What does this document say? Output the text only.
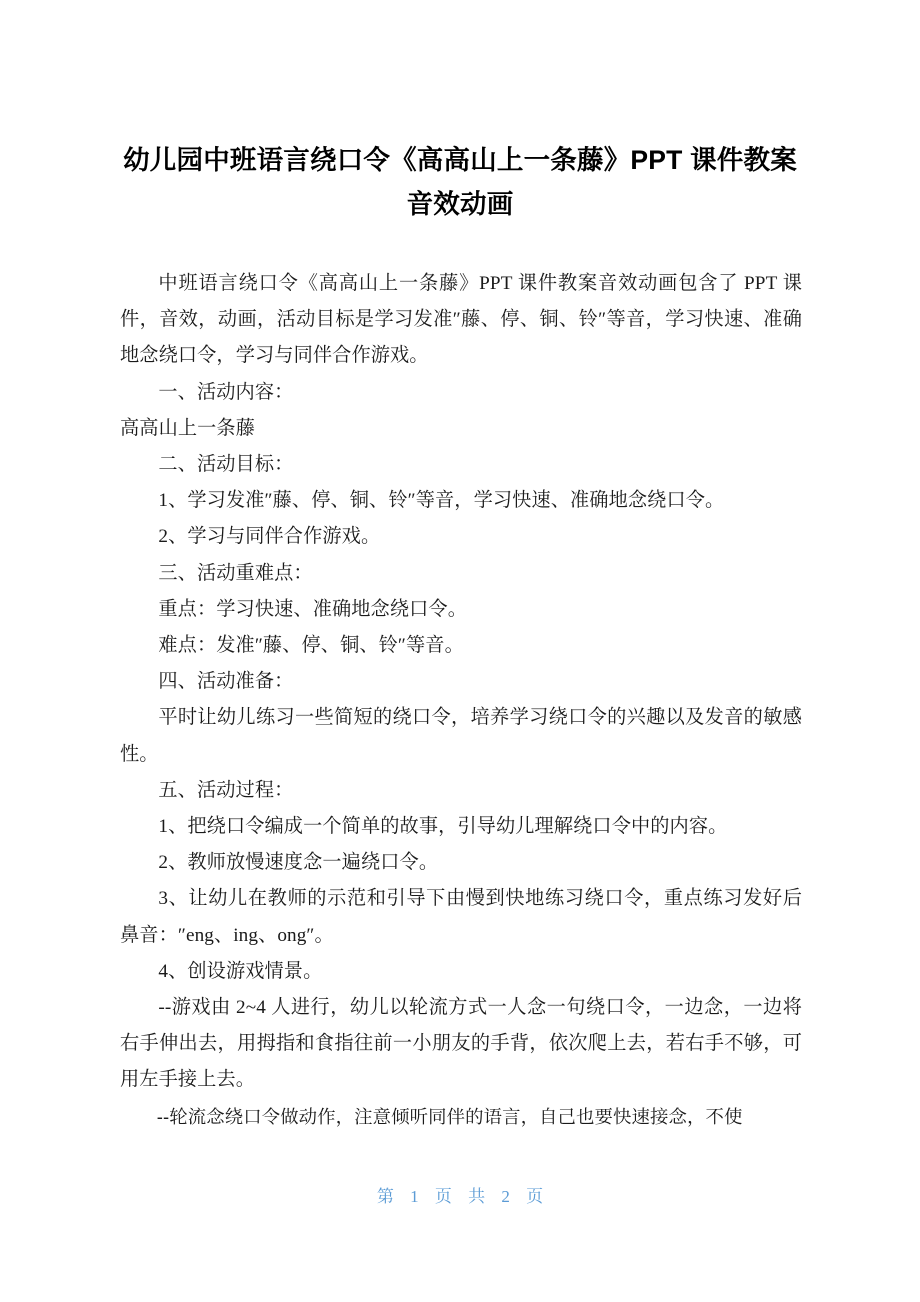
幼儿园中班语言绕口令《高高山上一条藤》PPT 课件教案
音效动画

中班语言绕口令《高高山上一条藤》PPT 课件教案音效动画包含了 PPT 课件，音效，动画，活动目标是学习发准″藤、停、铜、铃″等音，学习快速、准确地念绕口令，学习与同伴合作游戏。

一、活动内容：

高高山上一条藤

二、活动目标：

1、学习发准″藤、停、铜、铃″等音，学习快速、准确地念绕口令。

2、学习与同伴合作游戏。

三、活动重难点：

重点：学习快速、准确地念绕口令。

难点：发准″藤、停、铜、铃″等音。

四、活动准备：

平时让幼儿练习一些简短的绕口令，培养学习绕口令的兴趣以及发音的敏感性。

五、活动过程：

1、把绕口令编成一个简单的故事，引导幼儿理解绕口令中的内容。

2、教师放慢速度念一遍绕口令。

3、让幼儿在教师的示范和引导下由慢到快地练习绕口令，重点练习发好后鼻音：″eng、ing、ong″。

4、创设游戏情景。

--游戏由 2~4 人进行，幼儿以轮流方式一人念一句绕口令，一边念，一边将右手伸出去，用拇指和食指往前一小朋友的手背，依次爬上去，若右手不够，可用左手接上去。

--轮流念绕口令做动作，注意倾听同伴的语言，自己也要快速接念，不使

第 1 页 共 2 页
